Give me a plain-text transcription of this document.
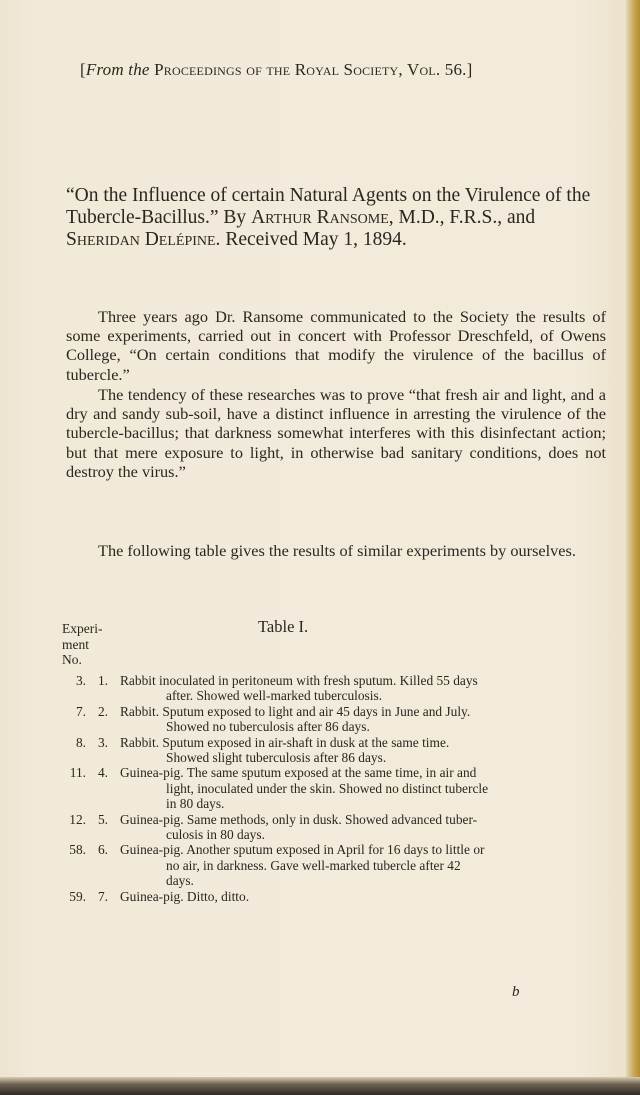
[From the Proceedings of the Royal Society, Vol. 56.]
“On the Influence of certain Natural Agents on the Virulence of the Tubercle-Bacillus.” By Arthur Ransome, M.D., F.R.S., and Sheridan Delépine. Received May 1, 1894.

Three years ago Dr. Ransome communicated to the Society the results of some experiments, carried out in concert with Professor Dreschfeld, of Owens College, “On certain conditions that modify the virulence of the bacillus of tubercle.”

The tendency of these researches was to prove “that fresh air and light, and a dry and sandy sub-soil, have a distinct influence in arresting the virulence of the tubercle-bacillus; that darkness somewhat interferes with this disinfectant action; but that mere exposure to light, in otherwise bad sanitary conditions, does not destroy the virus.”

The following table gives the results of similar experiments by ourselves.

Experi-
ment
No.
Table I.
3. 1. Rabbit inoculated in peritoneum with fresh sputum. Killed 55 days
after. Showed well-marked tuberculosis.
7. 2. Rabbit. Sputum exposed to light and air 45 days in June and July.
Showed no tuberculosis after 86 days.
8. 3. Rabbit. Sputum exposed in air-shaft in dusk at the same time.
Showed slight tuberculosis after 86 days.
11. 4. Guinea-pig. The same sputum exposed at the same time, in air and
light, inoculated under the skin. Showed no distinct tubercle
in 80 days.
12. 5. Guinea-pig. Same methods, only in dusk. Showed advanced tuber-
culosis in 80 days.
58. 6. Guinea-pig. Another sputum exposed in April for 16 days to little or
no air, in darkness. Gave well-marked tubercle after 42
days.
59. 7. Guinea-pig. Ditto, ditto.
b
